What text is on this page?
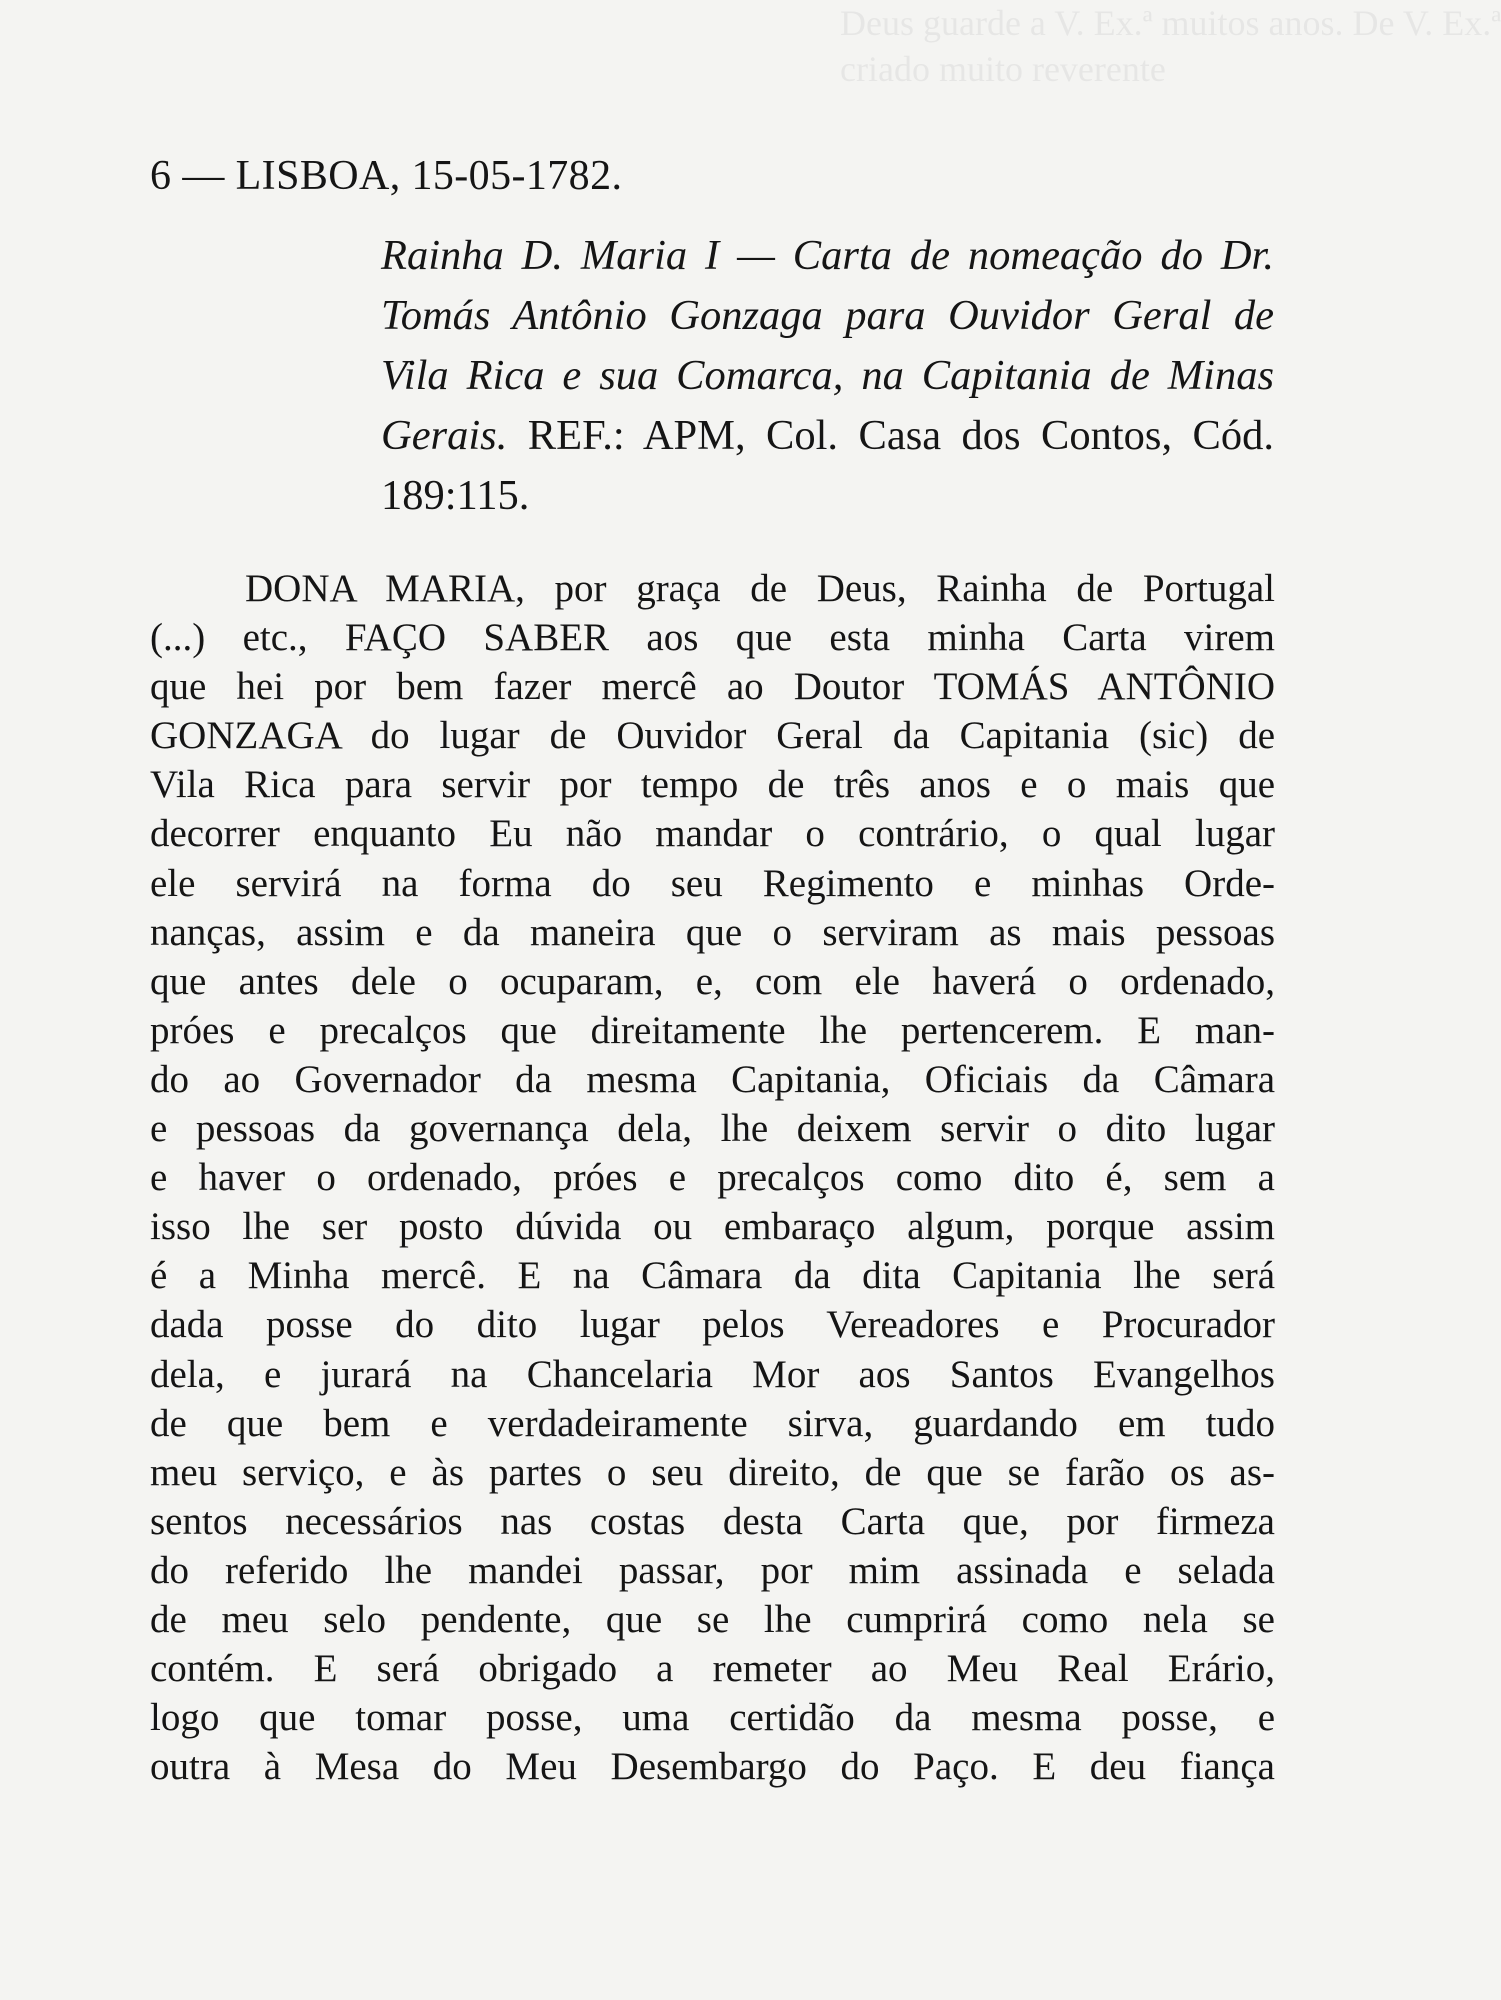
Deus guarde a V. Ex.ª muitos anos. De V. Ex.ª
criado muito reverente
6 — LISBOA, 15-05-1782.
Rainha D. Maria I — Carta de nomeação do Dr. Tomás Antônio Gonzaga para Ouvidor Geral de Vila Rica e sua Comarca, na Capitania de Minas Gerais. REF.: APM, Col. Casa dos Contos, Cód. 189:115.
DONA MARIA, por graça de Deus, Rainha de Portugal
(...) etc., FAÇO SABER aos que esta minha Carta virem
que hei por bem fazer mercê ao Doutor TOMÁS ANTÔNIO
GONZAGA do lugar de Ouvidor Geral da Capitania (sic) de
Vila Rica para servir por tempo de três anos e o mais que
decorrer enquanto Eu não mandar o contrário, o qual lugar
ele servirá na forma do seu Regimento e minhas Orde-
nanças, assim e da maneira que o serviram as mais pessoas
que antes dele o ocuparam, e, com ele haverá o ordenado,
próes e precalços que direitamente lhe pertencerem. E man-
do ao Governador da mesma Capitania, Oficiais da Câmara
e pessoas da governança dela, lhe deixem servir o dito lugar
e haver o ordenado, próes e precalços como dito é, sem a
isso lhe ser posto dúvida ou embaraço algum, porque assim
é a Minha mercê. E na Câmara da dita Capitania lhe será
dada posse do dito lugar pelos Vereadores e Procurador
dela, e jurará na Chancelaria Mor aos Santos Evangelhos
de que bem e verdadeiramente sirva, guardando em tudo
meu serviço, e às partes o seu direito, de que se farão os as-
sentos necessários nas costas desta Carta que, por firmeza
do referido lhe mandei passar, por mim assinada e selada
de meu selo pendente, que se lhe cumprirá como nela se
contém. E será obrigado a remeter ao Meu Real Erário,
logo que tomar posse, uma certidão da mesma posse, e
outra à Mesa do Meu Desembargo do Paço. E deu fiança
